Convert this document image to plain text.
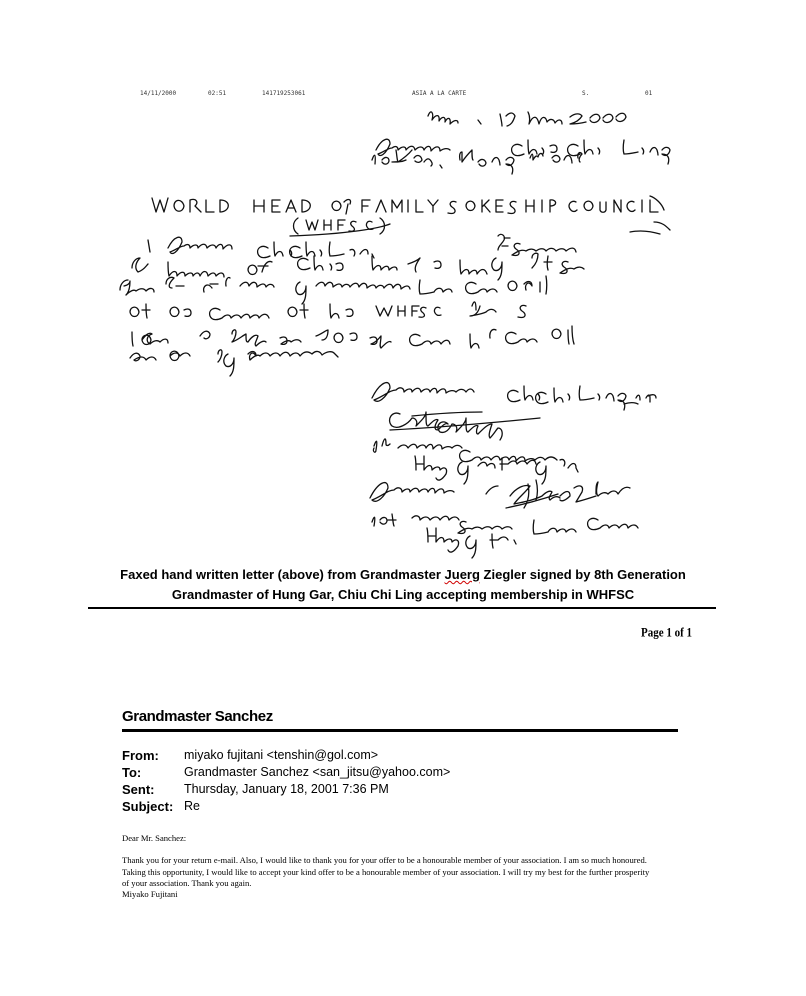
14/11/2000	02:51	141719253061	ASIA A LA CARTE	S.	01
Faxed hand written letter (above) from Grandmaster Juerg Ziegler signed by 8th Generation
Grandmaster of Hung Gar, Chiu Chi Ling accepting membership in WHFSC
Page 1 of 1
Grandmaster Sanchez
From: miyako fujitani <tenshin@gol.com>
To:	Grandmaster Sanchez <san_jitsu@yahoo.com>
Sent: Thursday, January 18, 2001 7:36 PM
Subject: Re

Dear Mr. Sanchez:

Thank you for your return e-mail. Also, I would like to thank you for your offer to be a honourable member of your association. I am so much honoured.

Taking this opportunity, I would like to accept your kind offer to be a honourable member of your association. I will try my best for the further prosperity

of your association. Thank you again.

Miyako Fujitani
